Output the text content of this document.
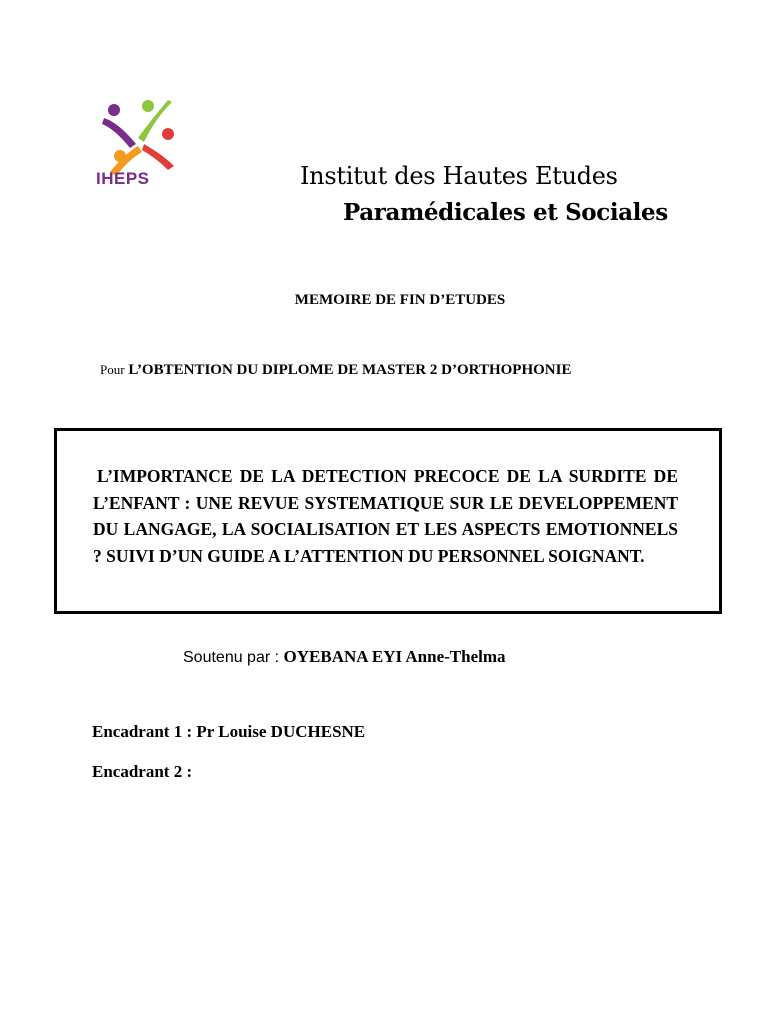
IHEPS	Institut des Hautes Etudes
Paramédicales et Sociales
MEMOIRE DE FIN D’ETUDES
Pour L’OBTENTION DU DIPLOME DE MASTER 2 D’ORTHOPHONIE
L’IMPORTANCE DE LA DETECTION PRECOCE DE LA SURDITE DE L’ENFANT : UNE REVUE SYSTEMATIQUE SUR LE DEVELOPPEMENT DU LANGAGE, LA SOCIALISATION ET LES ASPECTS EMOTIONNELS ? SUIVI D’UN GUIDE A L’ATTENTION DU PERSONNEL SOIGNANT.
Soutenu par : OYEBANA EYI Anne-Thelma
Encadrant 1 : Pr Louise DUCHESNE
Encadrant 2 :
